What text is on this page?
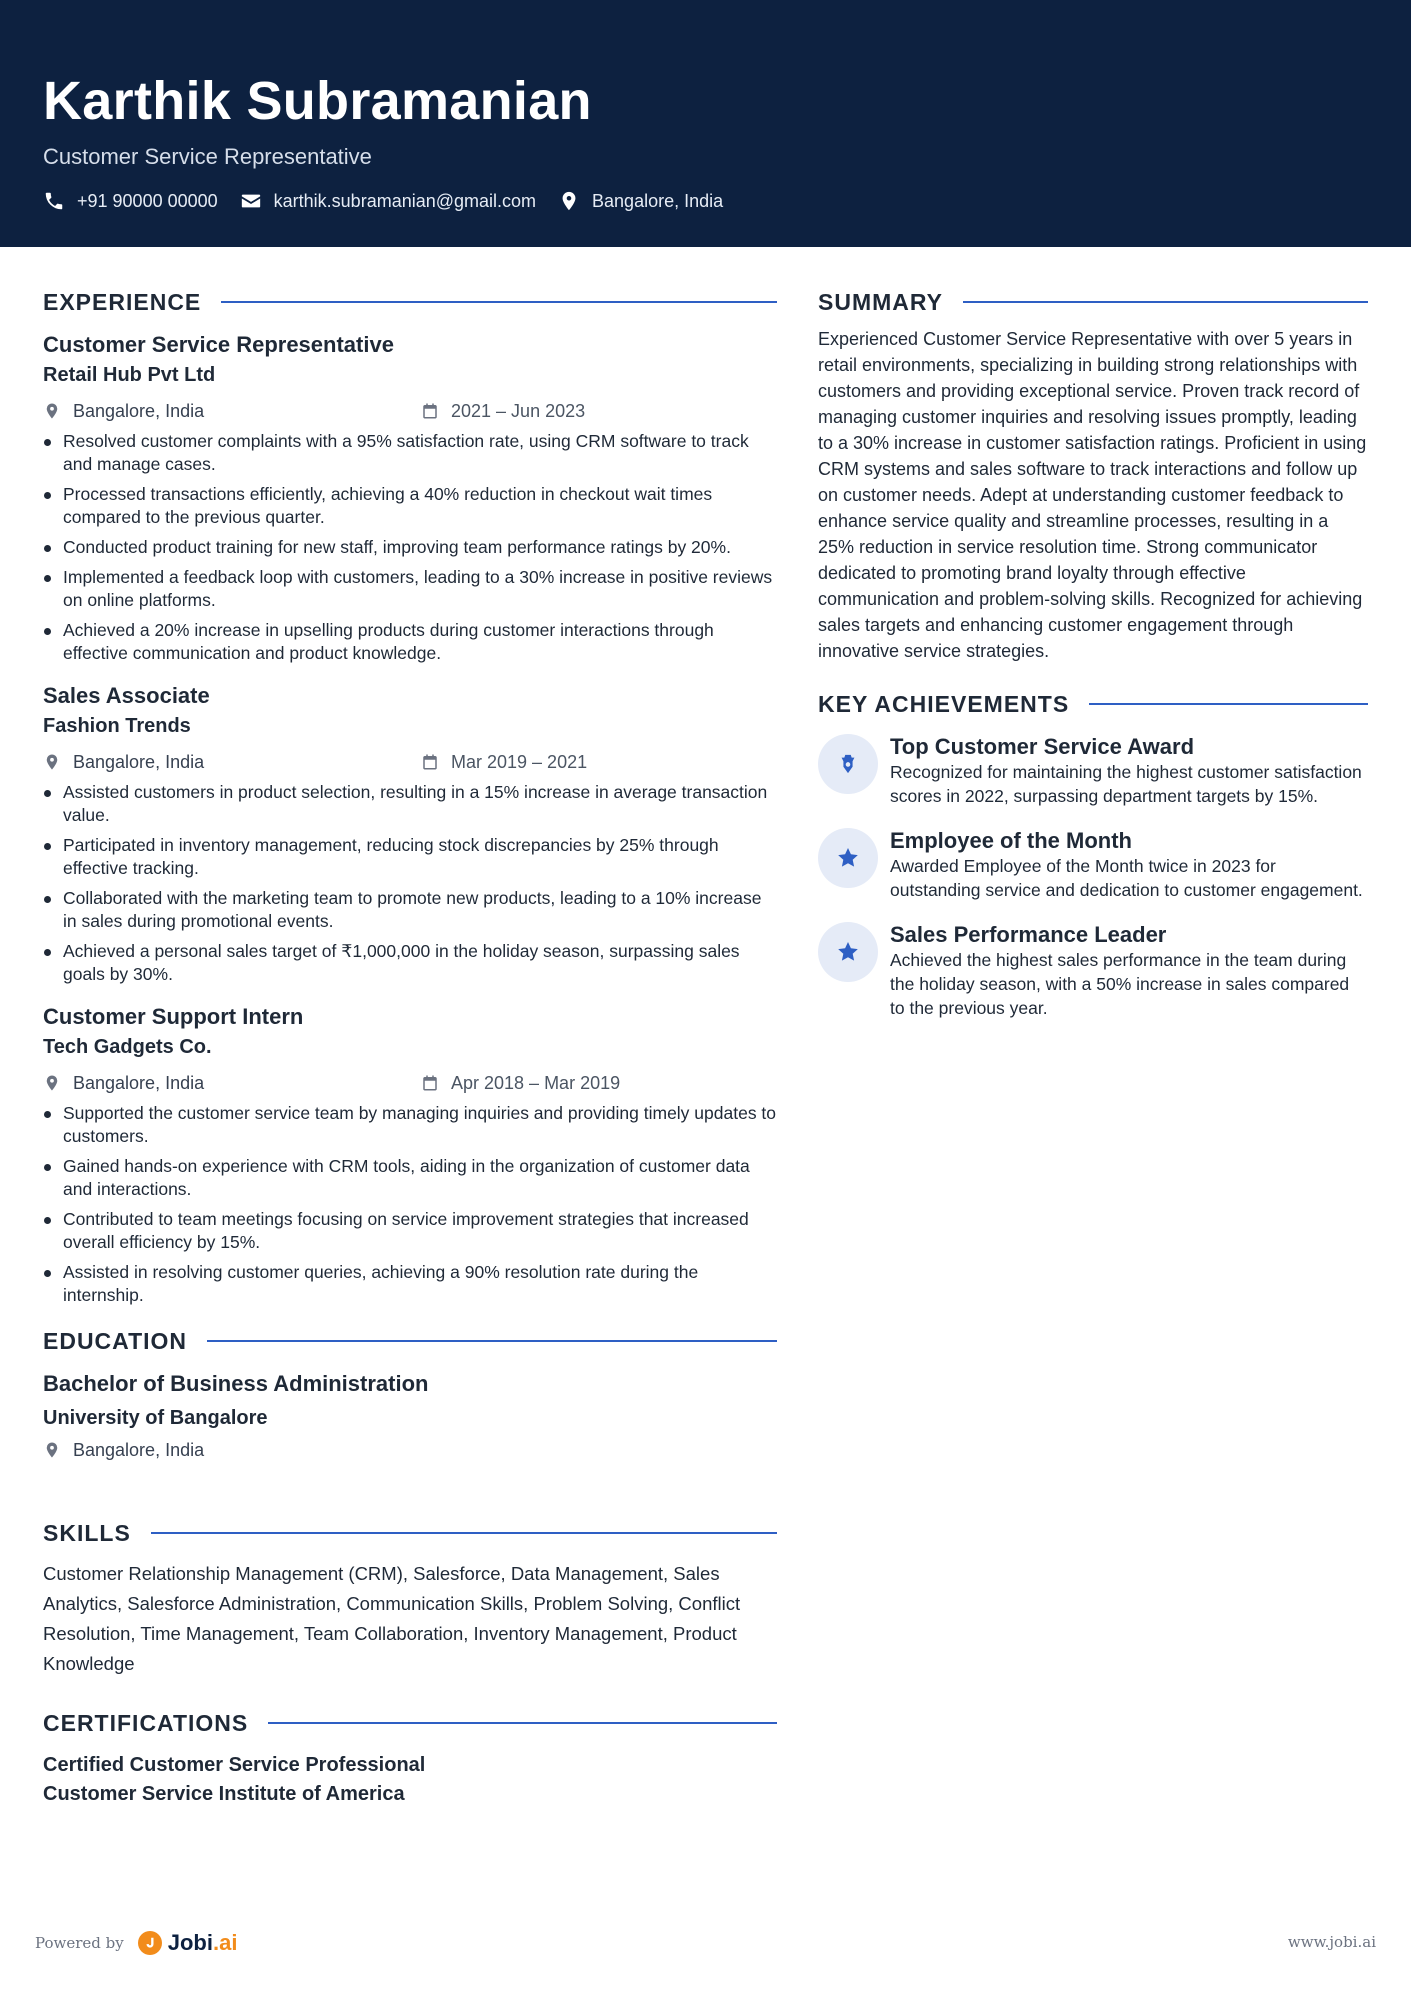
Karthik Subramanian
Customer Service Representative
+91 90000 00000	karthik.subramanian@gmail.com	Bangalore, India
EXPERIENCE
Customer Service Representative
Retail Hub Pvt Ltd
Bangalore, India	2021 – Jun 2023
Resolved customer complaints with a 95% satisfaction rate, using CRM software to track and manage cases.
Processed transactions efficiently, achieving a 40% reduction in checkout wait times compared to the previous quarter.
Conducted product training for new staff, improving team performance ratings by 20%.
Implemented a feedback loop with customers, leading to a 30% increase in positive reviews on online platforms.
Achieved a 20% increase in upselling products during customer interactions through effective communication and product knowledge.
Sales Associate
Fashion Trends
Bangalore, India	Mar 2019 – 2021
Assisted customers in product selection, resulting in a 15% increase in average transaction value.
Participated in inventory management, reducing stock discrepancies by 25% through effective tracking.
Collaborated with the marketing team to promote new products, leading to a 10% increase in sales during promotional events.
Achieved a personal sales target of ₹1,000,000 in the holiday season, surpassing sales goals by 30%.
Customer Support Intern
Tech Gadgets Co.
Bangalore, India	Apr 2018 – Mar 2019
Supported the customer service team by managing inquiries and providing timely updates to customers.
Gained hands-on experience with CRM tools, aiding in the organization of customer data and interactions.
Contributed to team meetings focusing on service improvement strategies that increased overall efficiency by 15%.
Assisted in resolving customer queries, achieving a 90% resolution rate during the internship.
EDUCATION
Bachelor of Business Administration
University of Bangalore
Bangalore, India
SKILLS
Customer Relationship Management (CRM), Salesforce, Data Management, Sales Analytics, Salesforce Administration, Communication Skills, Problem Solving, Conflict Resolution, Time Management, Team Collaboration, Inventory Management, Product Knowledge
CERTIFICATIONS
Certified Customer Service Professional
Customer Service Institute of America
SUMMARY
Experienced Customer Service Representative with over 5 years in retail environments, specializing in building strong relationships with customers and providing exceptional service. Proven track record of managing customer inquiries and resolving issues promptly, leading to a 30% increase in customer satisfaction ratings. Proficient in using CRM systems and sales software to track interactions and follow up on customer needs. Adept at understanding customer feedback to enhance service quality and streamline processes, resulting in a 25% reduction in service resolution time. Strong communicator dedicated to promoting brand loyalty through effective communication and problem-solving skills. Recognized for achieving sales targets and enhancing customer engagement through innovative service strategies.
KEY ACHIEVEMENTS
Top Customer Service Award
Recognized for maintaining the highest customer satisfaction scores in 2022, surpassing department targets by 15%.
Employee of the Month
Awarded Employee of the Month twice in 2023 for outstanding service and dedication to customer engagement.
Sales Performance Leader
Achieved the highest sales performance in the team during the holiday season, with a 50% increase in sales compared to the previous year.
Powered by Jobi .ai	www.jobi.ai
